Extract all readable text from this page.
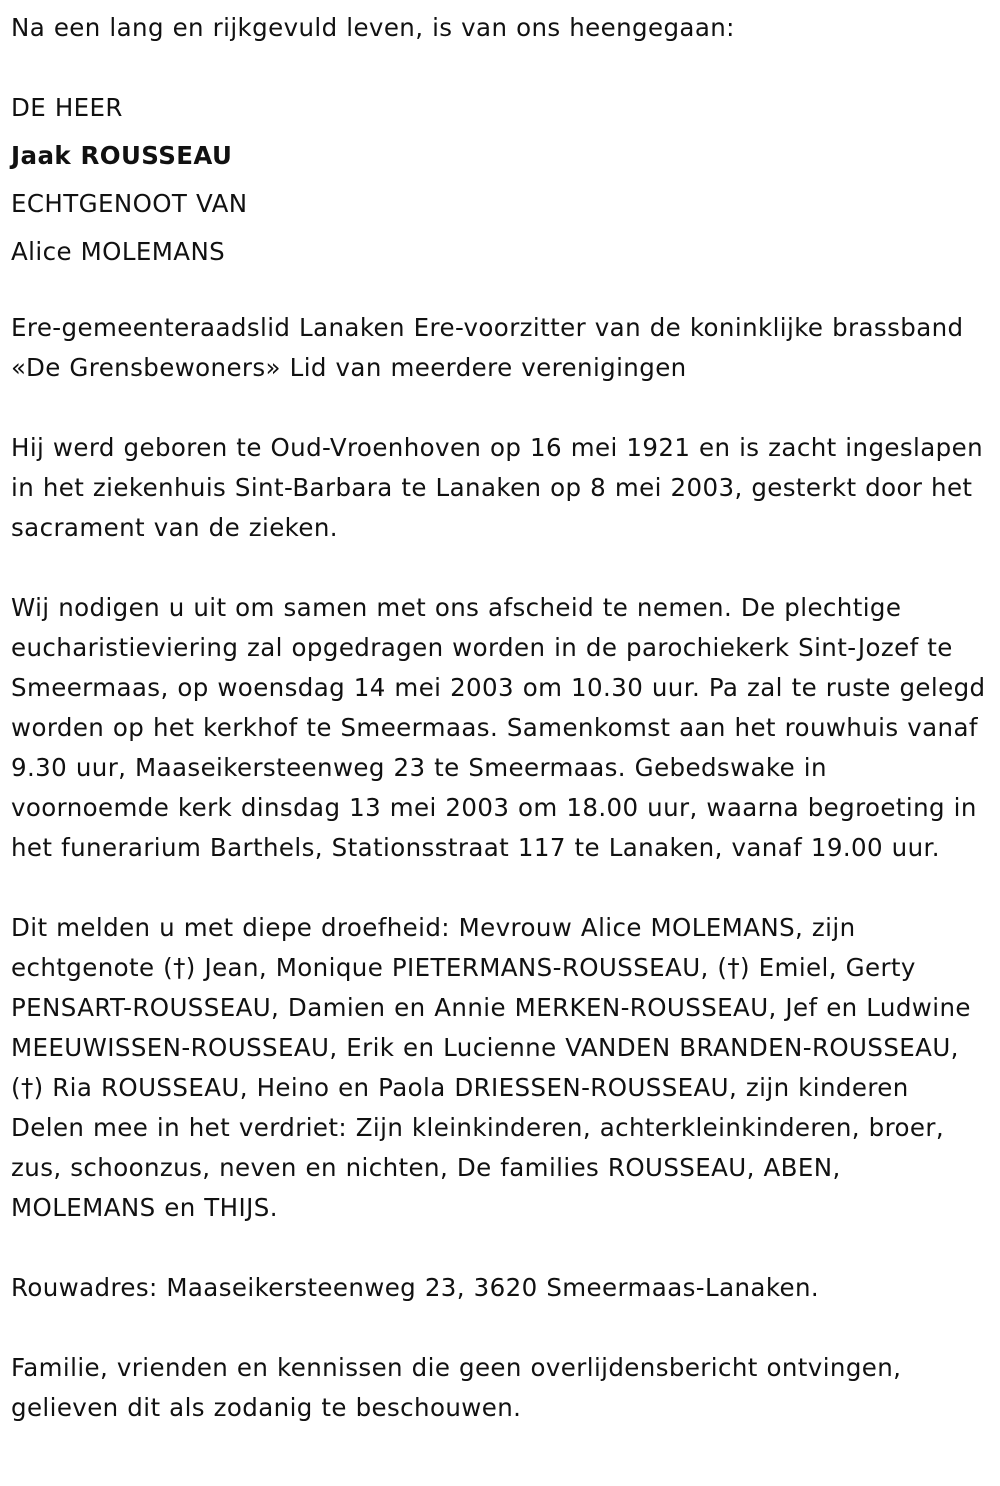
Na een lang en rijkgevuld leven, is van ons heengegaan:

DE HEER

Jaak ROUSSEAU

ECHTGENOOT VAN

Alice MOLEMANS

Ere-gemeenteraadslid Lanaken Ere-voorzitter van de koninklijke brassband «De Grensbewoners» Lid van meerdere verenigingen

Hij werd geboren te Oud-Vroenhoven op 16 mei 1921 en is zacht ingeslapen in het ziekenhuis Sint-Barbara te Lanaken op 8 mei 2003, gesterkt door het sacrament van de zieken.

Wij nodigen u uit om samen met ons afscheid te nemen. De plechtige eucharistieviering zal opgedragen worden in de parochiekerk Sint-Jozef te Smeermaas, op woensdag 14 mei 2003 om 10.30 uur. Pa zal te ruste gelegd worden op het kerkhof te Smeermaas. Samenkomst aan het rouwhuis vanaf 9.30 uur, Maaseikersteenweg 23 te Smeermaas. Gebedswake in voornoemde kerk dinsdag 13 mei 2003 om 18.00 uur, waarna begroeting in het funerarium Barthels, Stationsstraat 117 te Lanaken, vanaf 19.00 uur.

Dit melden u met diepe droefheid: Mevrouw Alice MOLEMANS, zijn echtgenote (†) Jean, Monique PIETERMANS-ROUSSEAU, (†) Emiel, Gerty PENSART-ROUSSEAU, Damien en Annie MERKEN-ROUSSEAU, Jef en Ludwine MEEUWISSEN-ROUSSEAU, Erik en Lucienne VANDEN BRANDEN-ROUSSEAU, (†) Ria ROUSSEAU, Heino en Paola DRIESSEN-ROUSSEAU, zijn kinderen Delen mee in het verdriet: Zijn kleinkinderen, achterkleinkinderen, broer, zus, schoonzus, neven en nichten, De families ROUSSEAU, ABEN, MOLEMANS en THIJS.

Rouwadres: Maaseikersteenweg 23, 3620 Smeermaas-Lanaken.

Familie, vrienden en kennissen die geen overlijdensbericht ontvingen, gelieven dit als zodanig te beschouwen.
